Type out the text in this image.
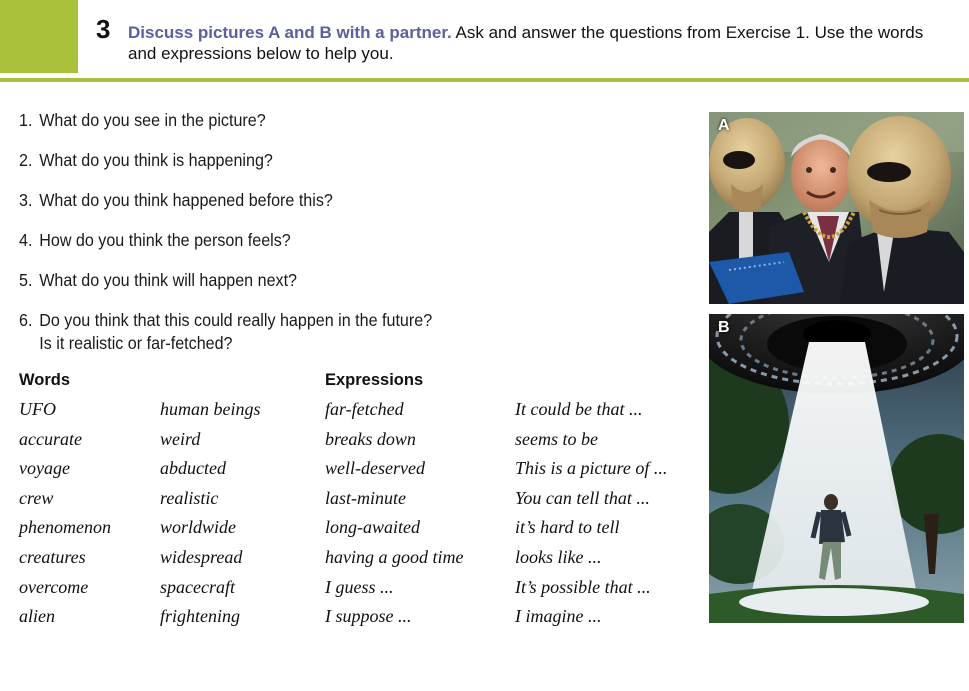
3 Discuss pictures A and B with a partner. Ask and answer the questions from Exercise 1. Use the words and expressions below to help you.
1. What do you see in the picture?
2. What do you think is happening?
3. What do you think happened before this?
4. How do you think the person feels?
5. What do you think will happen next?
6. Do you think that this could really happen in the future?
Is it realistic or far-fetched?
Words	Expressions
UFO
accurate
voyage
crew
phenomenon
creatures
overcome
alien
human beings
weird
abducted
realistic
worldwide
widespread
spacecraft
frightening
far-fetched
breaks down
well-deserved
last-minute
long-awaited
having a good time
I guess ...
I suppose ...
It could be that ...
seems to be
This is a picture of ...
You can tell that ...
it’s hard to tell
looks like ...
It’s possible that ...
I imagine ...
A
B
